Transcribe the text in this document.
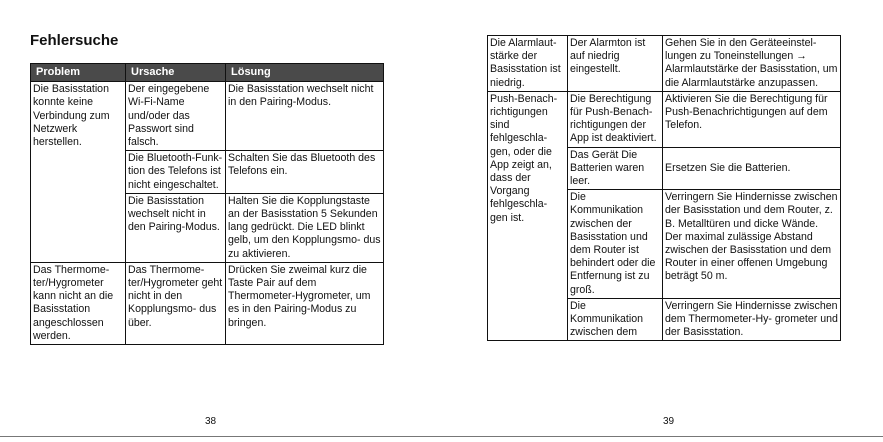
Fehlersuche
Problem	Ursache	Lösung
Die Basisstation konnte keine Verbindung zum Netzwerk herstellen.	Der eingegebene Wi-Fi-Name und/oder das Passwort sind falsch.	Die Basisstation wechselt nicht in den Pairing-Modus.
	Die Bluetooth-Funk- tion des Telefons ist nicht eingeschaltet.	Schalten Sie das Bluetooth des Telefons ein.
	Die Basisstation wechselt nicht in den Pairing-Modus.	Halten Sie die Kopplungstaste an der Basisstation 5 Sekunden lang gedrückt. Die LED blinkt gelb, um den Kopplungsmo- dus zu aktivieren.
Das Thermome- ter/Hygrometer kann nicht an die Basisstation angeschlossen werden.	Das Thermome- ter/Hygrometer geht nicht in den Kopplungsmo- dus über.	Drücken Sie zweimal kurz die Taste Pair auf dem Thermometer-Hygrometer, um es in den Pairing-Modus zu bringen.
38
Die Alarmlaut- stärke der Basisstation ist niedrig.	Der Alarmton ist auf niedrig eingestellt.	Gehen Sie in den Geräteeinstel- lungen zu Toneinstellungen → Alarmlautstärke der Basisstation, um die Alarmlautstärke anzupassen.
Push-Benach- richtigungen sind fehlgeschla- gen, oder die App zeigt an, dass der Vorgang fehlgeschla- gen ist.	Die Berechtigung für Push-Benach- richtigungen der App ist deaktiviert.	Aktivieren Sie die Berechtigung für Push-Benachrichtigungen auf dem Telefon.
	Das Gerät Die Batterien waren leer.	Ersetzen Sie die Batterien.
	Die Kommunikation zwischen der Basisstation und dem Router ist behindert oder die Entfernung ist zu groß.	Verringern Sie Hindernisse zwischen der Basisstation und dem Router, z. B. Metalltüren und dicke Wände. Der maximal zulässige Abstand zwischen der Basisstation und dem Router in einer offenen Umgebung beträgt 50 m.
	Die Kommunikation zwischen dem	Verringern Sie Hindernisse zwischen dem Thermometer-Hy- grometer und der Basisstation.
39
